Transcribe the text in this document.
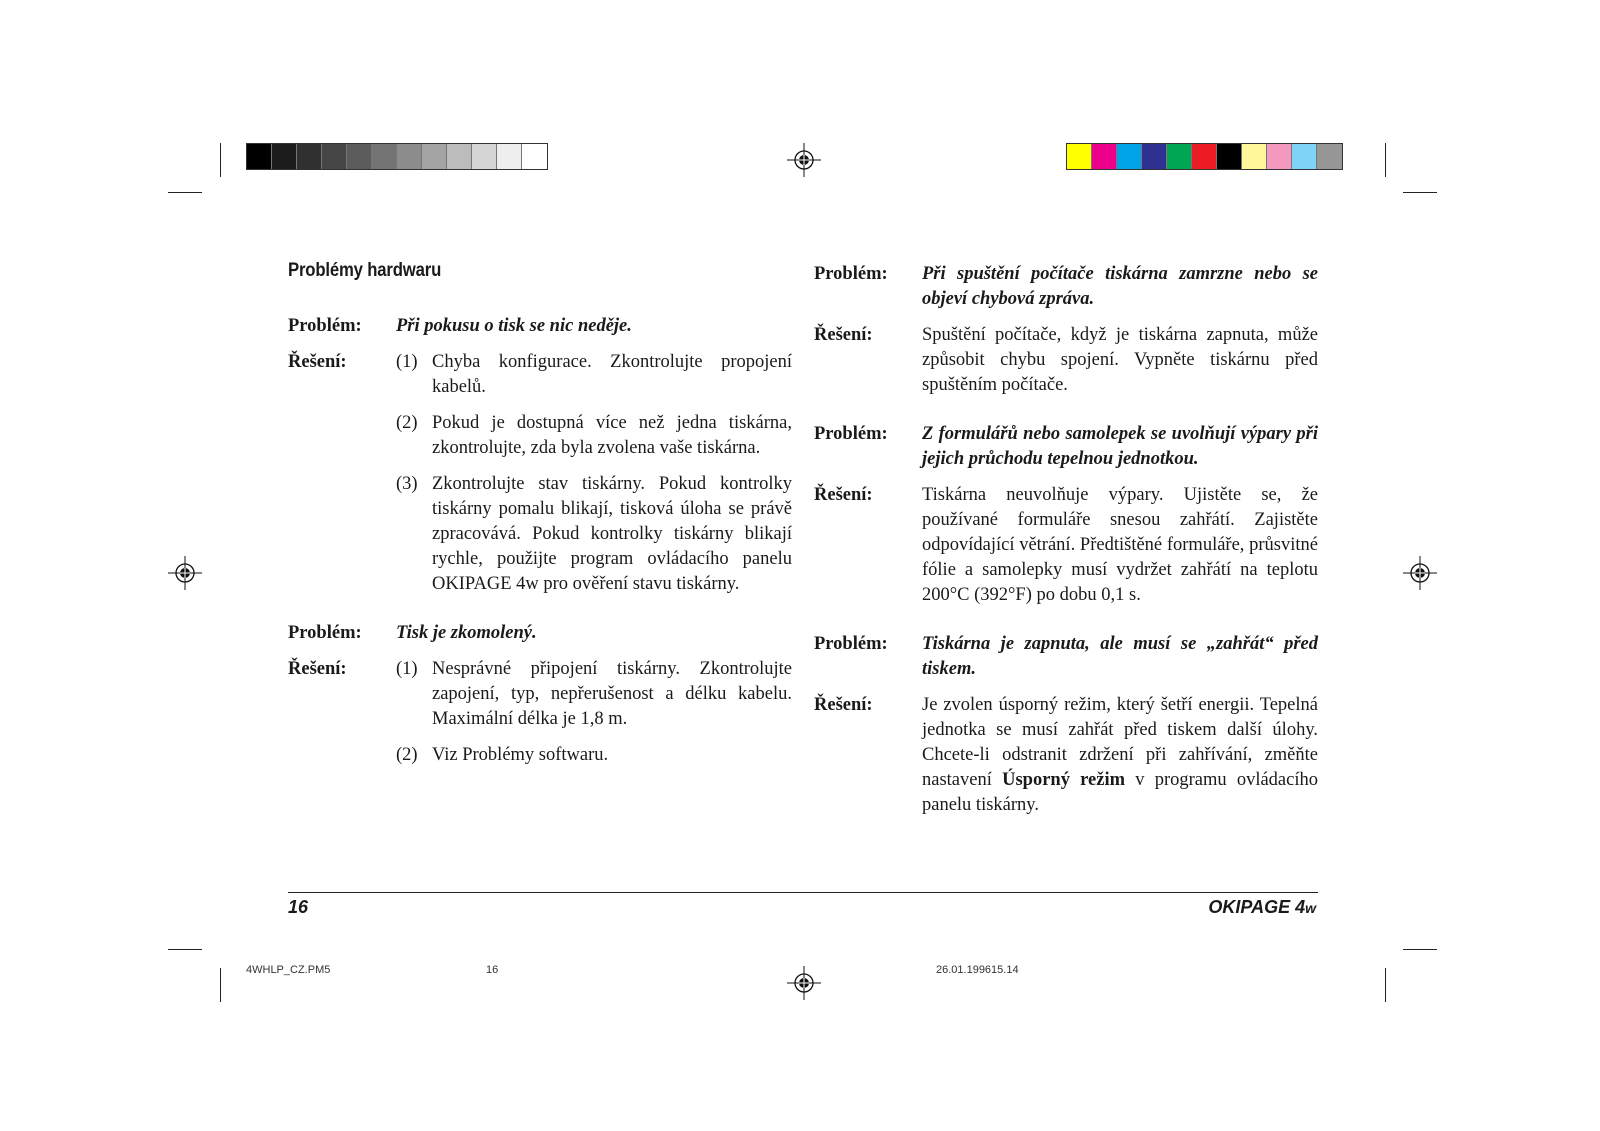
Problémy hardwaru
Problém: Při pokusu o tisk se nic neděje.
Řešení:	(1) Chyba konfigurace. Zkontrolujte propojení kabelů.
(2) Pokud je dostupná více než jedna tiskárna, zkontrolujte, zda byla zvolena vaše tiskárna.
(3) Zkontrolujte stav tiskárny. Pokud kontrolky tiskárny pomalu blikají, tisková úloha se právě zpracovává. Pokud kontrolky tiskárny blikají rychle, použijte program ovládacího panelu OKIPAGE 4w pro ověření stavu tiskárny.
Problém: Tisk je zkomolený.
Řešení:	(1) Nesprávné připojení tiskárny. Zkontrolujte zapojení, typ, nepřerušenost a délku kabelu. Maximální délka je 1,8 m.
(2) Viz Problémy softwaru.
Problém: Při spuštění počítače tiskárna zamrzne nebo se objeví chybová zpráva.
Řešení:	Spuštění počítače, když je tiskárna zapnuta, může způsobit chybu spojení. Vypněte tiskárnu před spuštěním počítače.
Problém: Z formulářů nebo samolepek se uvolňují výpary při jejich průchodu tepelnou jednotkou.
Řešení:	Tiskárna neuvolňuje výpary. Ujistěte se, že používané formuláře snesou zahřátí. Zajistěte odpovídající větrání. Předtištěné formuláře, průsvitné fólie a samolepky musí vydržet zahřátí na teplotu 200°C (392°F) po dobu 0,1 s.
Problém: Tiskárna je zapnuta, ale musí se „zahřát“ před tiskem.
Řešení:	Je zvolen úsporný režim, který šetří energii. Tepelná jednotka se musí zahřát před tiskem další úlohy. Chcete-li odstranit zdržení při zahřívání, změňte nastavení Úsporný režim v programu ovládacího panelu tiskárny.
16	OKIPAGE 4w
4WHLP_CZ.PM5	16	26.01.199615.14
